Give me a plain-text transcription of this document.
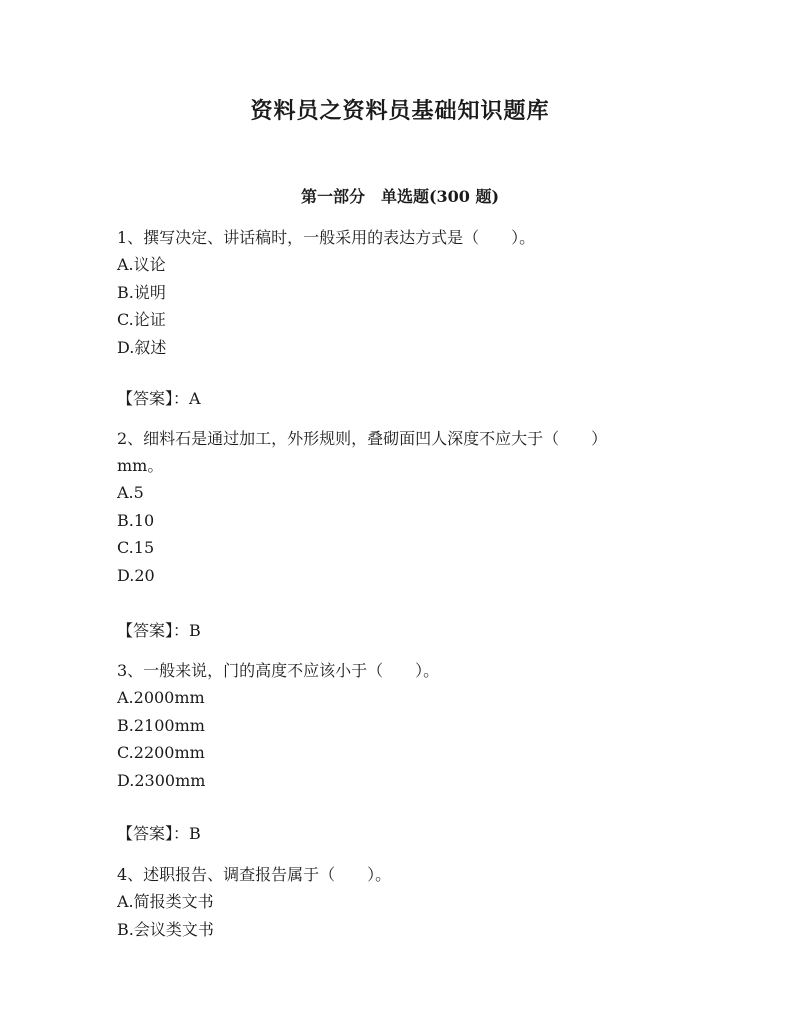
资料员之资料员基础知识题库
第一部分　单选题(300 题)

1、撰写决定、讲话稿时，一般采用的表达方式是（　　）。

A.议论

B.说明

C.论证

D.叙述

【答案】：A

2、细料石是通过加工，外形规则，叠砌面凹人深度不应大于（　　）

mm。

A.5

B.10

C.15

D.20

【答案】：B

3、一般来说，门的高度不应该小于（　　）。

A.2000mm

B.2100mm

C.2200mm

D.2300mm

【答案】：B

4、述职报告、调查报告属于（　　）。

A.简报类文书

B.会议类文书
